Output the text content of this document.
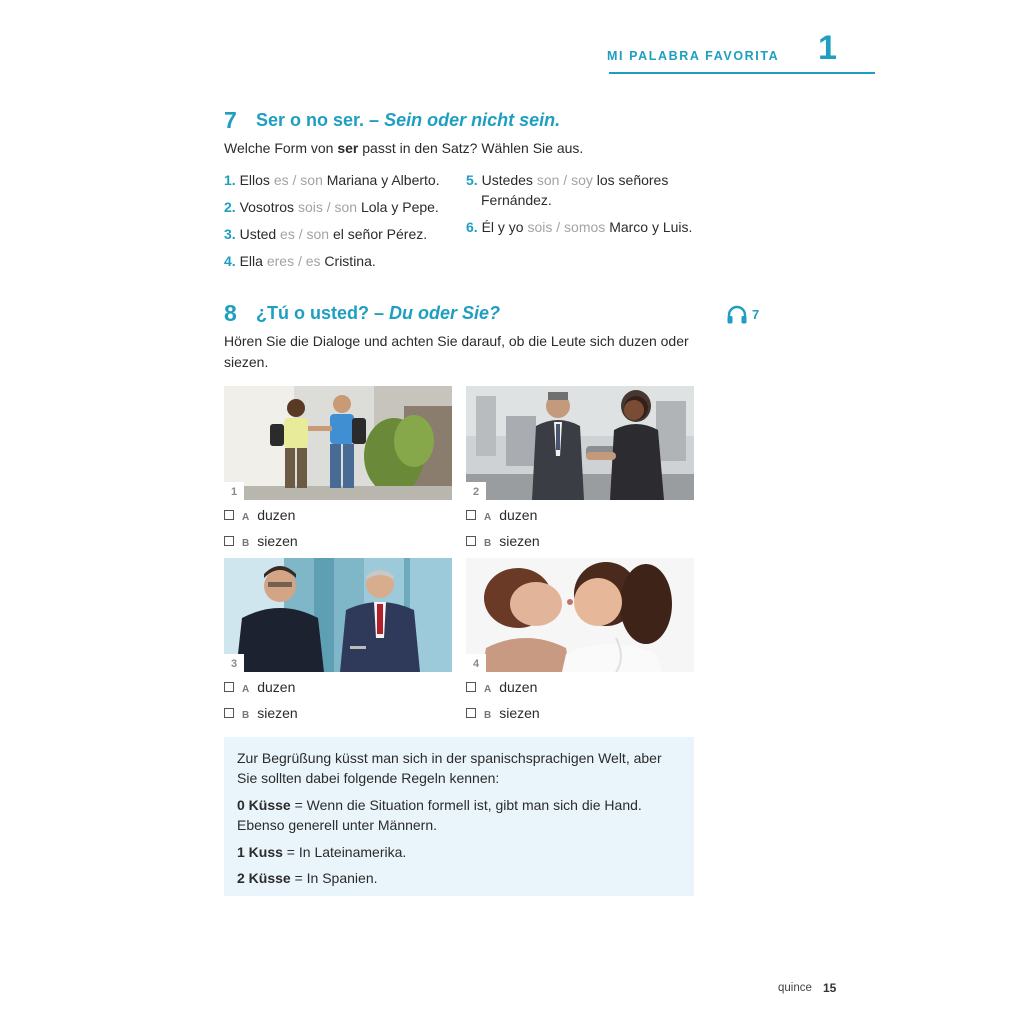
MI PALABRA FAVORITA 1
7 Ser o no ser. – Sein oder nicht sein.
Welche Form von ser passt in den Satz? Wählen Sie aus.
1. Ellos es / son Mariana y Alberto.
2. Vosotros sois / son Lola y Pepe.
3. Usted es / son el señor Pérez.
4. Ella eres / es Cristina.
5. Ustedes son / soy los señores
Fernández.
6. Él y yo sois / somos Marco y Luis.
8 ¿Tú o usted? – Du oder Sie?	7
Hören Sie die Dialoge und achten Sie darauf, ob die Leute sich duzen oder
siezen.
1	2
3	4
A duzen
B siezen
A duzen
B siezen
A duzen
B siezen
A duzen
B siezen

Zur Begrüßung küsst man sich in der spanischsprachigen Welt, aber

Sie sollten dabei folgende Regeln kennen:

0 Küsse = Wenn die Situation formell ist, gibt man sich die Hand.

Ebenso generell unter Männern.

1 Kuss = In Lateinamerika.

2 Küsse = In Spanien.

quince 15
